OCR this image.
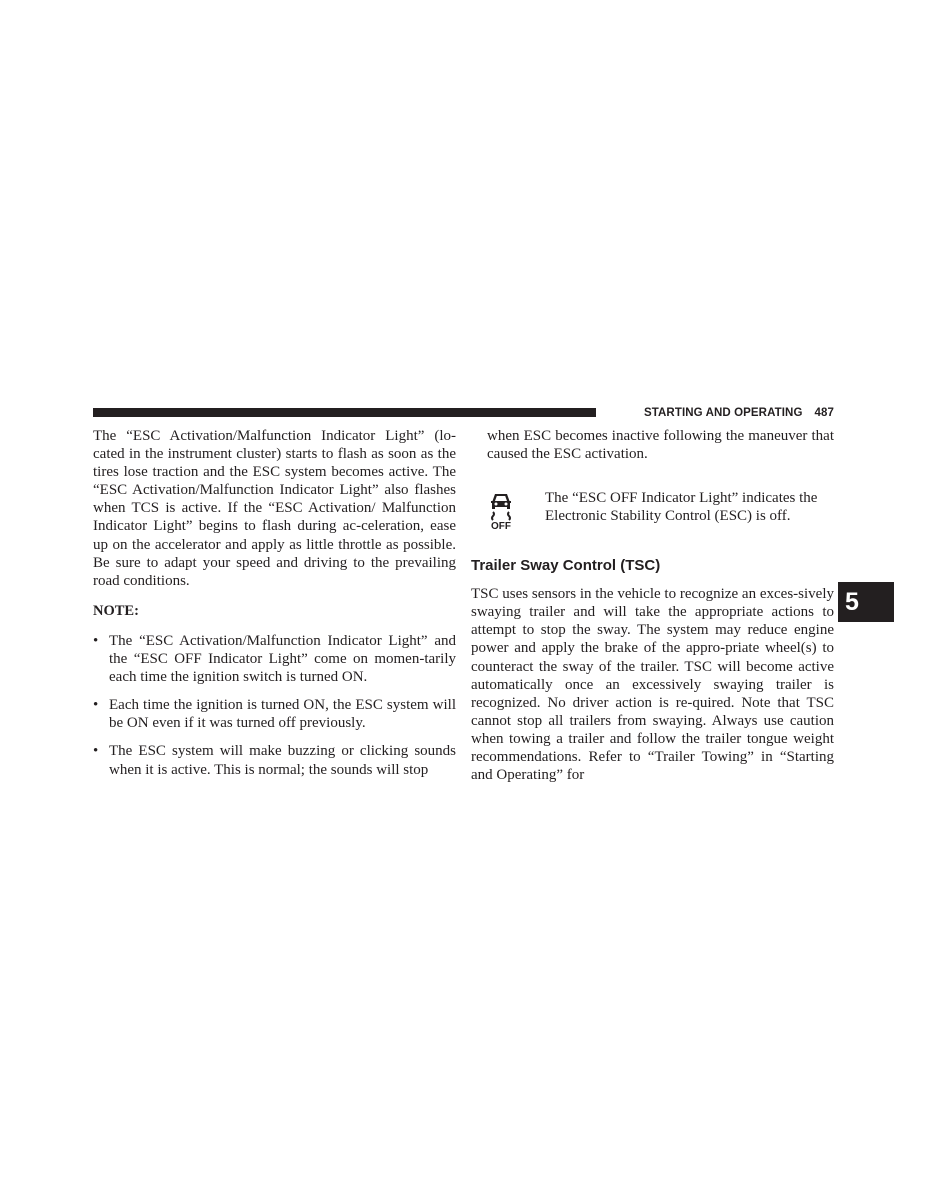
STARTING AND OPERATING 487
5

The “ESC Activation/Malfunction Indicator Light” (lo-cated in the instrument cluster) starts to flash as soon as the tires lose traction and the ESC system becomes active. The “ESC Activation/Malfunction Indicator Light” also flashes when TCS is active. If the “ESC Activation/ Malfunction Indicator Light” begins to flash during ac-celeration, ease up on the accelerator and apply as little throttle as possible. Be sure to adapt your speed and driving to the prevailing road conditions.

NOTE:
• The “ESC Activation/Malfunction Indicator Light” and the “ESC OFF Indicator Light” come on momen-tarily each time the ignition switch is turned ON.
• Each time the ignition is turned ON, the ESC system will be ON even if it was turned off previously.
• The ESC system will make buzzing or clicking sounds when it is active. This is normal; the sounds will stop

when ESC becomes inactive following the maneuver that caused the ESC activation.

OFF

The “ESC OFF Indicator Light” indicates the Electronic Stability Control (ESC) is off.

Trailer Sway Control (TSC)

TSC uses sensors in the vehicle to recognize an exces-sively swaying trailer and will take the appropriate actions to attempt to stop the sway. The system may reduce engine power and apply the brake of the appro-priate wheel(s) to counteract the sway of the trailer. TSC will become active automatically once an excessively swaying trailer is recognized. No driver action is re-quired. Note that TSC cannot stop all trailers from swaying. Always use caution when towing a trailer and follow the trailer tongue weight recommendations. Refer to “Trailer Towing” in “Starting and Operating” for
